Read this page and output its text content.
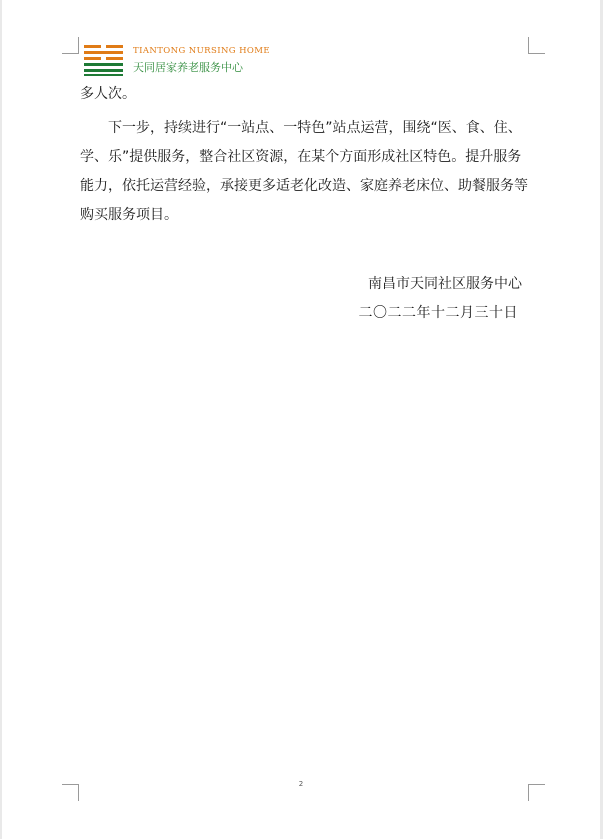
TIANTONG NURSING HOME
天同居家养老服务中心
多人次。
下一步，持续进行“一站点、一特色”站点运营，围绕“医、食、住、
学、乐”提供服务，整合社区资源，在某个方面形成社区特色。提升服务
能力，依托运营经验，承接更多适老化改造、家庭养老床位、助餐服务等
购买服务项目。
南昌市天同社区服务中心
二〇二二年十二月三十日
2
